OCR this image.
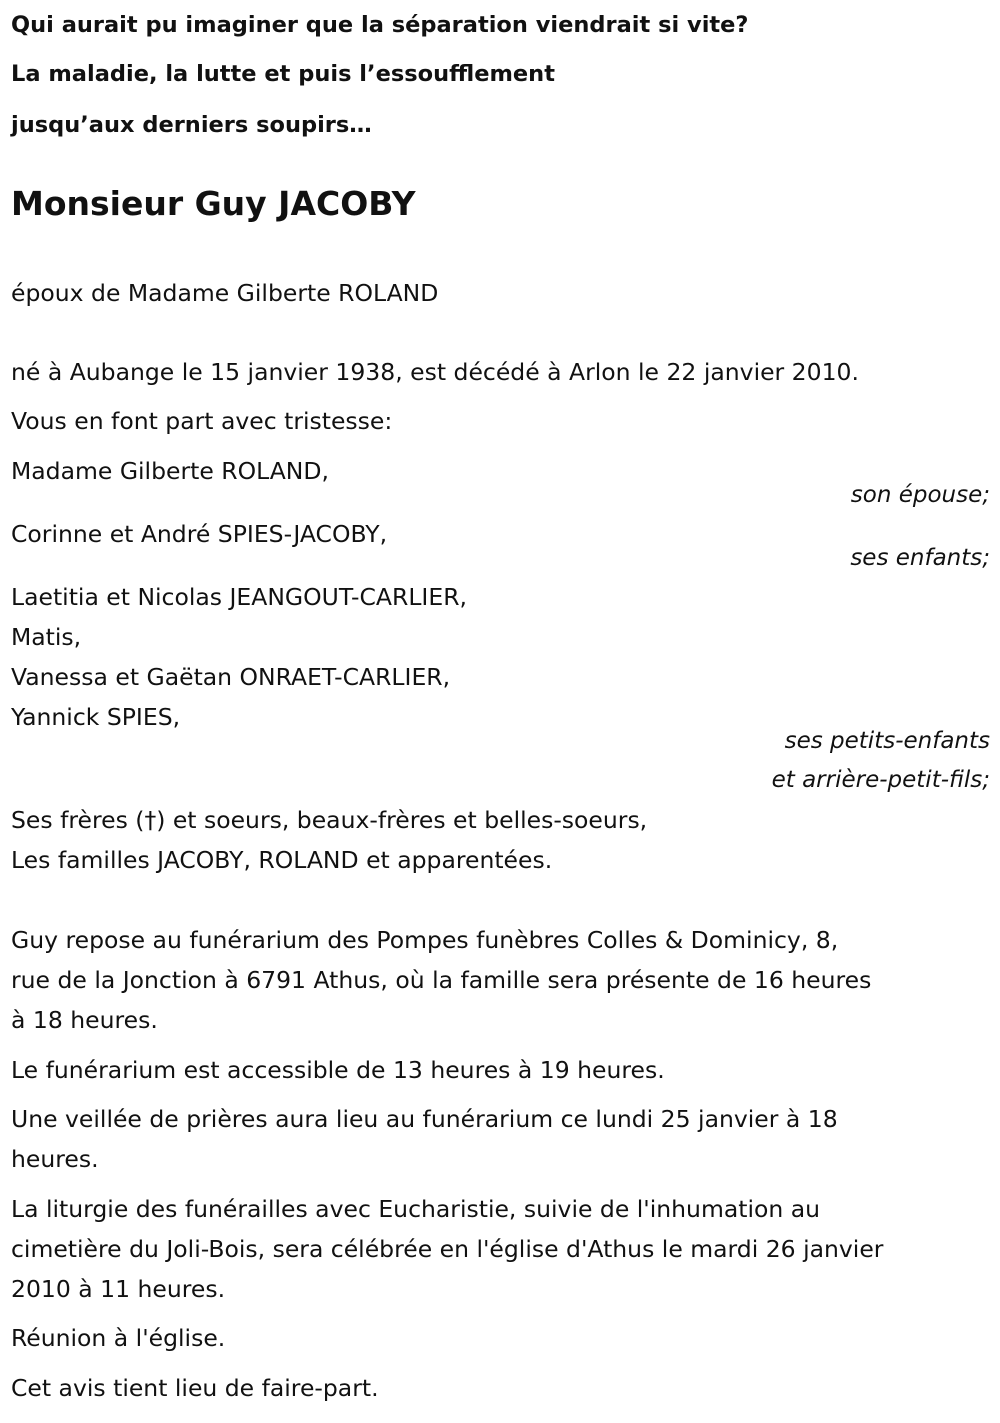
Qui aurait pu imaginer que la séparation viendrait si vite?
La maladie, la lutte et puis l’essoufflement
jusqu’aux derniers soupirs…
Monsieur Guy JACOBY
époux de Madame Gilberte ROLAND
né à Aubange le 15 janvier 1938, est décédé à Arlon le 22 janvier 2010.
Vous en font part avec tristesse:
Madame Gilberte ROLAND,
son épouse;
Corinne et André SPIES-JACOBY,
ses enfants;
Laetitia et Nicolas JEANGOUT-CARLIER,
Matis,
Vanessa et Gaëtan ONRAET-CARLIER,
Yannick SPIES,
ses petits-enfants
et arrière-petit-fils;
Ses frères (†) et soeurs, beaux-frères et belles-soeurs,
Les familles JACOBY, ROLAND et apparentées.
Guy repose au funérarium des Pompes funèbres Colles & Dominicy, 8,
rue de la Jonction à 6791 Athus, où la famille sera présente de 16 heures
à 18 heures.
Le funérarium est accessible de 13 heures à 19 heures.
Une veillée de prières aura lieu au funérarium ce lundi 25 janvier à 18
heures.
La liturgie des funérailles avec Eucharistie, suivie de l'inhumation au
cimetière du Joli-Bois, sera célébrée en l'église d'Athus le mardi 26 janvier
2010 à 11 heures.
Réunion à l'église.
Cet avis tient lieu de faire-part.
